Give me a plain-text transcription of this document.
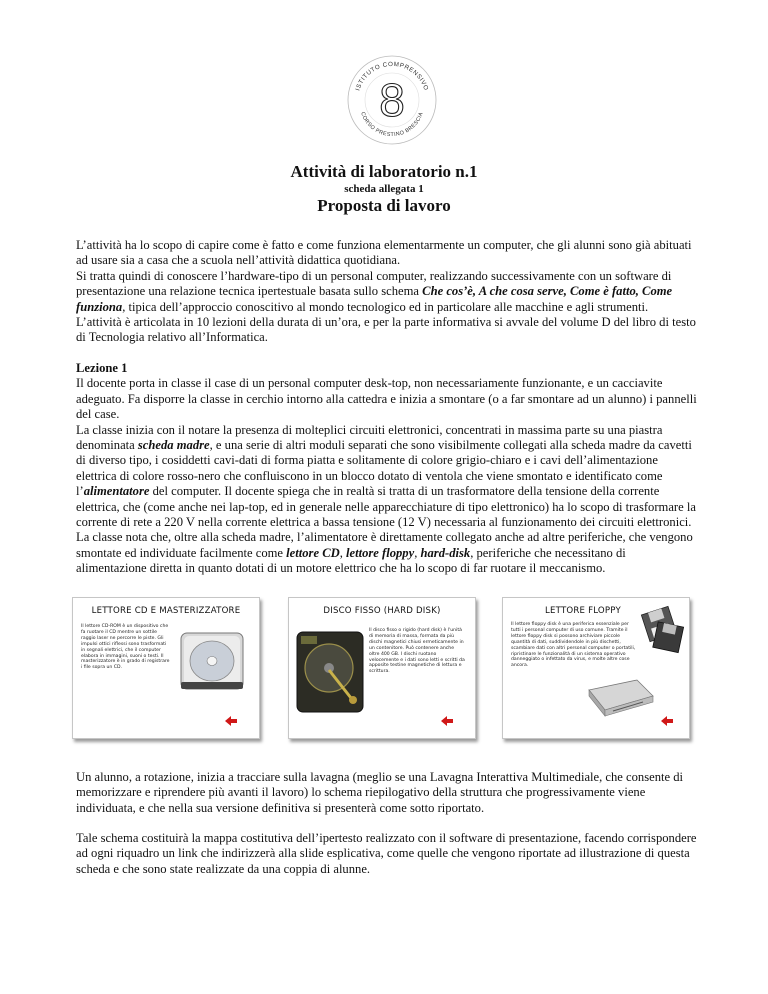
ISTITUTO COMPRENSIVO
CORSO PRESTINO BRESCIA
8
Attività di laboratorio n.1
scheda allegata 1
Proposta di lavoro

L’attività ha lo scopo di capire come è fatto e come funziona elementarmente un computer, che gli alunni sono già abituati ad usare sia a casa che a scuola nell’attività didattica quotidiana.

Si tratta quindi di conoscere l’hardware-tipo di un personal computer, realizzando successivamente con un software di presentazione una relazione tecnica ipertestuale basata sullo schema Che cos’è, A che cosa serve, Come è fatto, Come funziona, tipica dell’approccio conoscitivo al mondo tecnologico ed in particolare alle macchine e agli strumenti.

L’attività è articolata in 10 lezioni della durata di un’ora, e per la parte informativa si avvale del volume D del libro di testo di Tecnologia relativo all’Informatica.

Lezione 1

Il docente porta in classe il case di un personal computer desk-top, non necessariamente funzionante, e un cacciavite adeguato. Fa disporre la classe in cerchio intorno alla cattedra e inizia a smontare (o a far smontare ad un alunno) i pannelli del case.

La classe inizia con il notare la presenza di molteplici circuiti elettronici, concentrati in massima parte su una piastra denominata scheda madre, e una serie di altri moduli separati che sono visibilmente collegati alla scheda madre da cavetti di diverso tipo, i cosiddetti cavi-dati di forma piatta e solitamente di colore grigio-chiaro e i cavi dell’alimentazione elettrica di colore rosso-nero che confluiscono in un blocco dotato di ventola che viene smontato e identificato come l’alimentatore del computer. Il docente spiega che in realtà si tratta di un trasformatore della tensione della corrente elettrica, che (come anche nei lap-top, ed in generale nelle apparecchiature di tipo elettronico) ha lo scopo di trasformare la corrente di rete a 220 V nella corrente elettrica a bassa tensione (12 V) necessaria al funzionamento dei circuiti elettronici. La classe nota che, oltre alla scheda madre, l’alimentatore è direttamente collegato anche ad altre periferiche, che vengono smontate ed individuate facilmente come lettore CD, lettore floppy, hard-disk, periferiche che necessitano di alimentazione diretta in quanto dotati di un motore elettrico che ha lo scopo di far ruotare il meccanismo.

LETTORE CD E MASTERIZZATORE
Il lettore CD-ROM è un dispositivo che fa ruotare il CD mentre un sottile raggio laser ne percorre le piste. Gli impulsi ottici riflessi sono trasformati in segnali elettrici, che il computer elabora in immagini, suoni o testi. Il masterizzatore è in grado di registrare i file sopra un CD.
DISCO FISSO (HARD DISK)
Il disco fisso o rigido (hard disk) è l'unità di memoria di massa, formata da più dischi magnetici chiusi ermeticamente in un contenitore. Può contenere anche oltre 400 GB. I dischi ruotano velocemente e i dati sono letti e scritti da apposite testine magnetiche di lettura e scrittura.
LETTORE FLOPPY
Il lettore floppy disk è una periferica essenziale per tutti i personal computer di uso comune. Tramite il lettore floppy disk si possono archiviare piccole quantità di dati, suddividendole in più dischetti, scambiare dati con altri personal computer o portatili, ripristinare le funzionalità di un sistema operativo danneggiato o infettato da virus, e molte altre cose ancora.

Un alunno, a rotazione, inizia a tracciare sulla lavagna (meglio se una Lavagna Interattiva Multimediale, che consente di memorizzare e riprendere più avanti il lavoro) lo schema riepilogativo della struttura che progressivamente viene individuata, e che nella sua versione definitiva si presenterà come sotto riportato.

Tale schema costituirà la mappa costitutiva dell’ipertesto realizzato con il software di presentazione, facendo corrispondere ad ogni riquadro un link che indirizzerà alla slide esplicativa, come quelle che vengono riportate ad illustrazione di questa scheda e che sono state realizzate da una coppia di alunne.
